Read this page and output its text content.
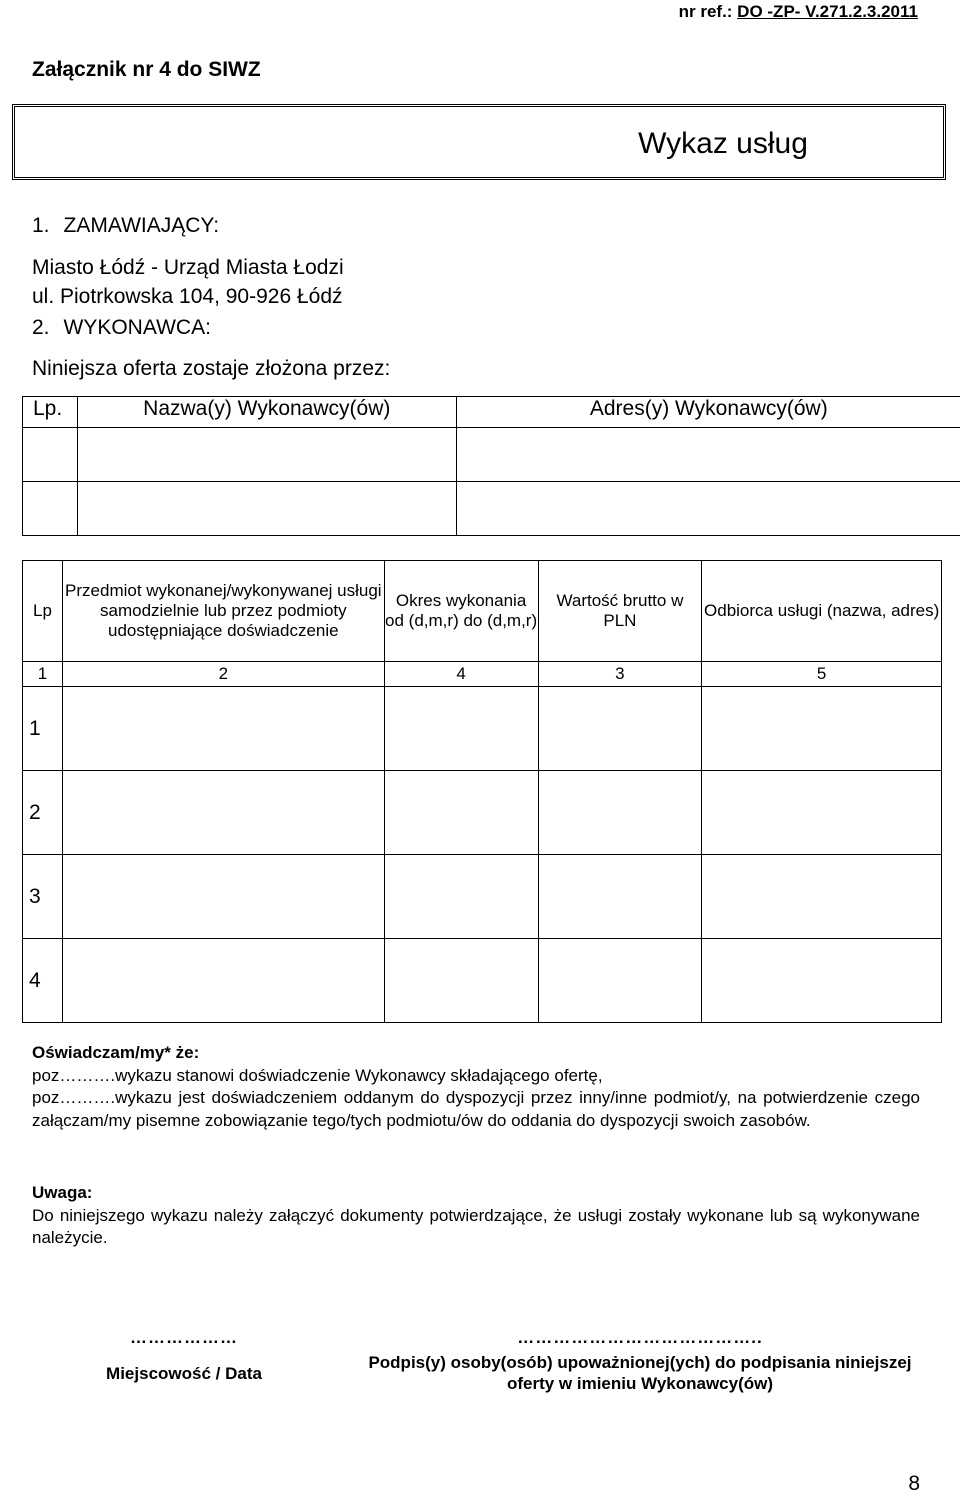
nr ref.: DO -ZP- V.271.2.3.2011
Załącznik nr 4 do SIWZ
Wykaz usług
1. ZAMAWIAJĄCY:
Miasto Łódź - Urząd Miasta Łodzi
ul. Piotrkowska 104, 90-926 Łódź
2. WYKONAWCA:
Niniejsza oferta zostaje złożona przez:
Lp.	Nazwa(y) Wykonawcy(ów)	Adres(y) Wykonawcy(ów)

Lp	Przedmiot wykonanej/wykonywanej usługi samodzielnie lub przez podmioty udostępniające doświadczenie	Okres wykonania od (d,m,r) do (d,m,r)	Wartość brutto w PLN	Odbiorca usługi (nazwa, adres)
1	2	4	3	5
1				
2				
3				
4				
Oświadczam/my* że:
poz……….wykazu stanowi doświadczenie Wykonawcy składającego ofertę,
poz……….wykazu jest doświadczeniem oddanym do dyspozycji przez inny/inne podmiot/y, na potwierdzenie czego załączam/my pisemne zobowiązanie tego/tych podmiotu/ów do oddania do dyspozycji swoich zasobów.
Uwaga:
Do niniejszego wykazu należy załączyć dokumenty potwierdzające, że usługi zostały wykonane lub są wykonywane należycie.
………………
Miejscowość / Data
…………………………………..
Podpis(y) osoby(osób) upoważnionej(ych) do podpisania niniejszej oferty w imieniu Wykonawcy(ów)
8
